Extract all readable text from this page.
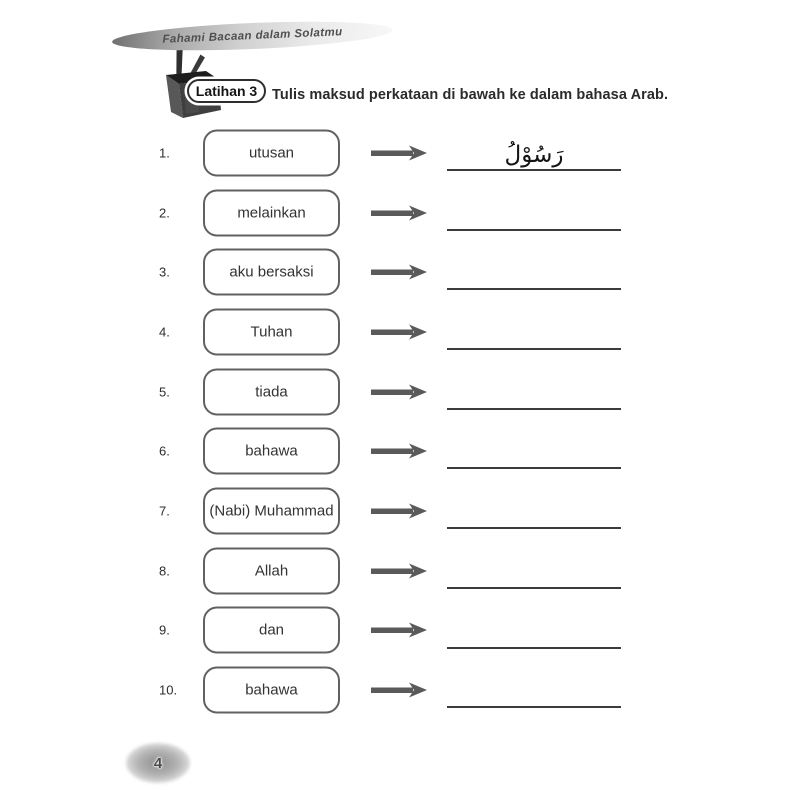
Fahami Bacaan dalam Solatmu
Latihan 3 Tulis maksud perkataan di bawah ke dalam bahasa Arab.
1.	utusan	رَسُوْلُ
2.	melainkan
3.	aku bersaksi
4.	Tuhan
5.	tiada
6.	bahawa
7.	(Nabi) Muhammad
8.	Allah
9.	dan
10.	bahawa
4
